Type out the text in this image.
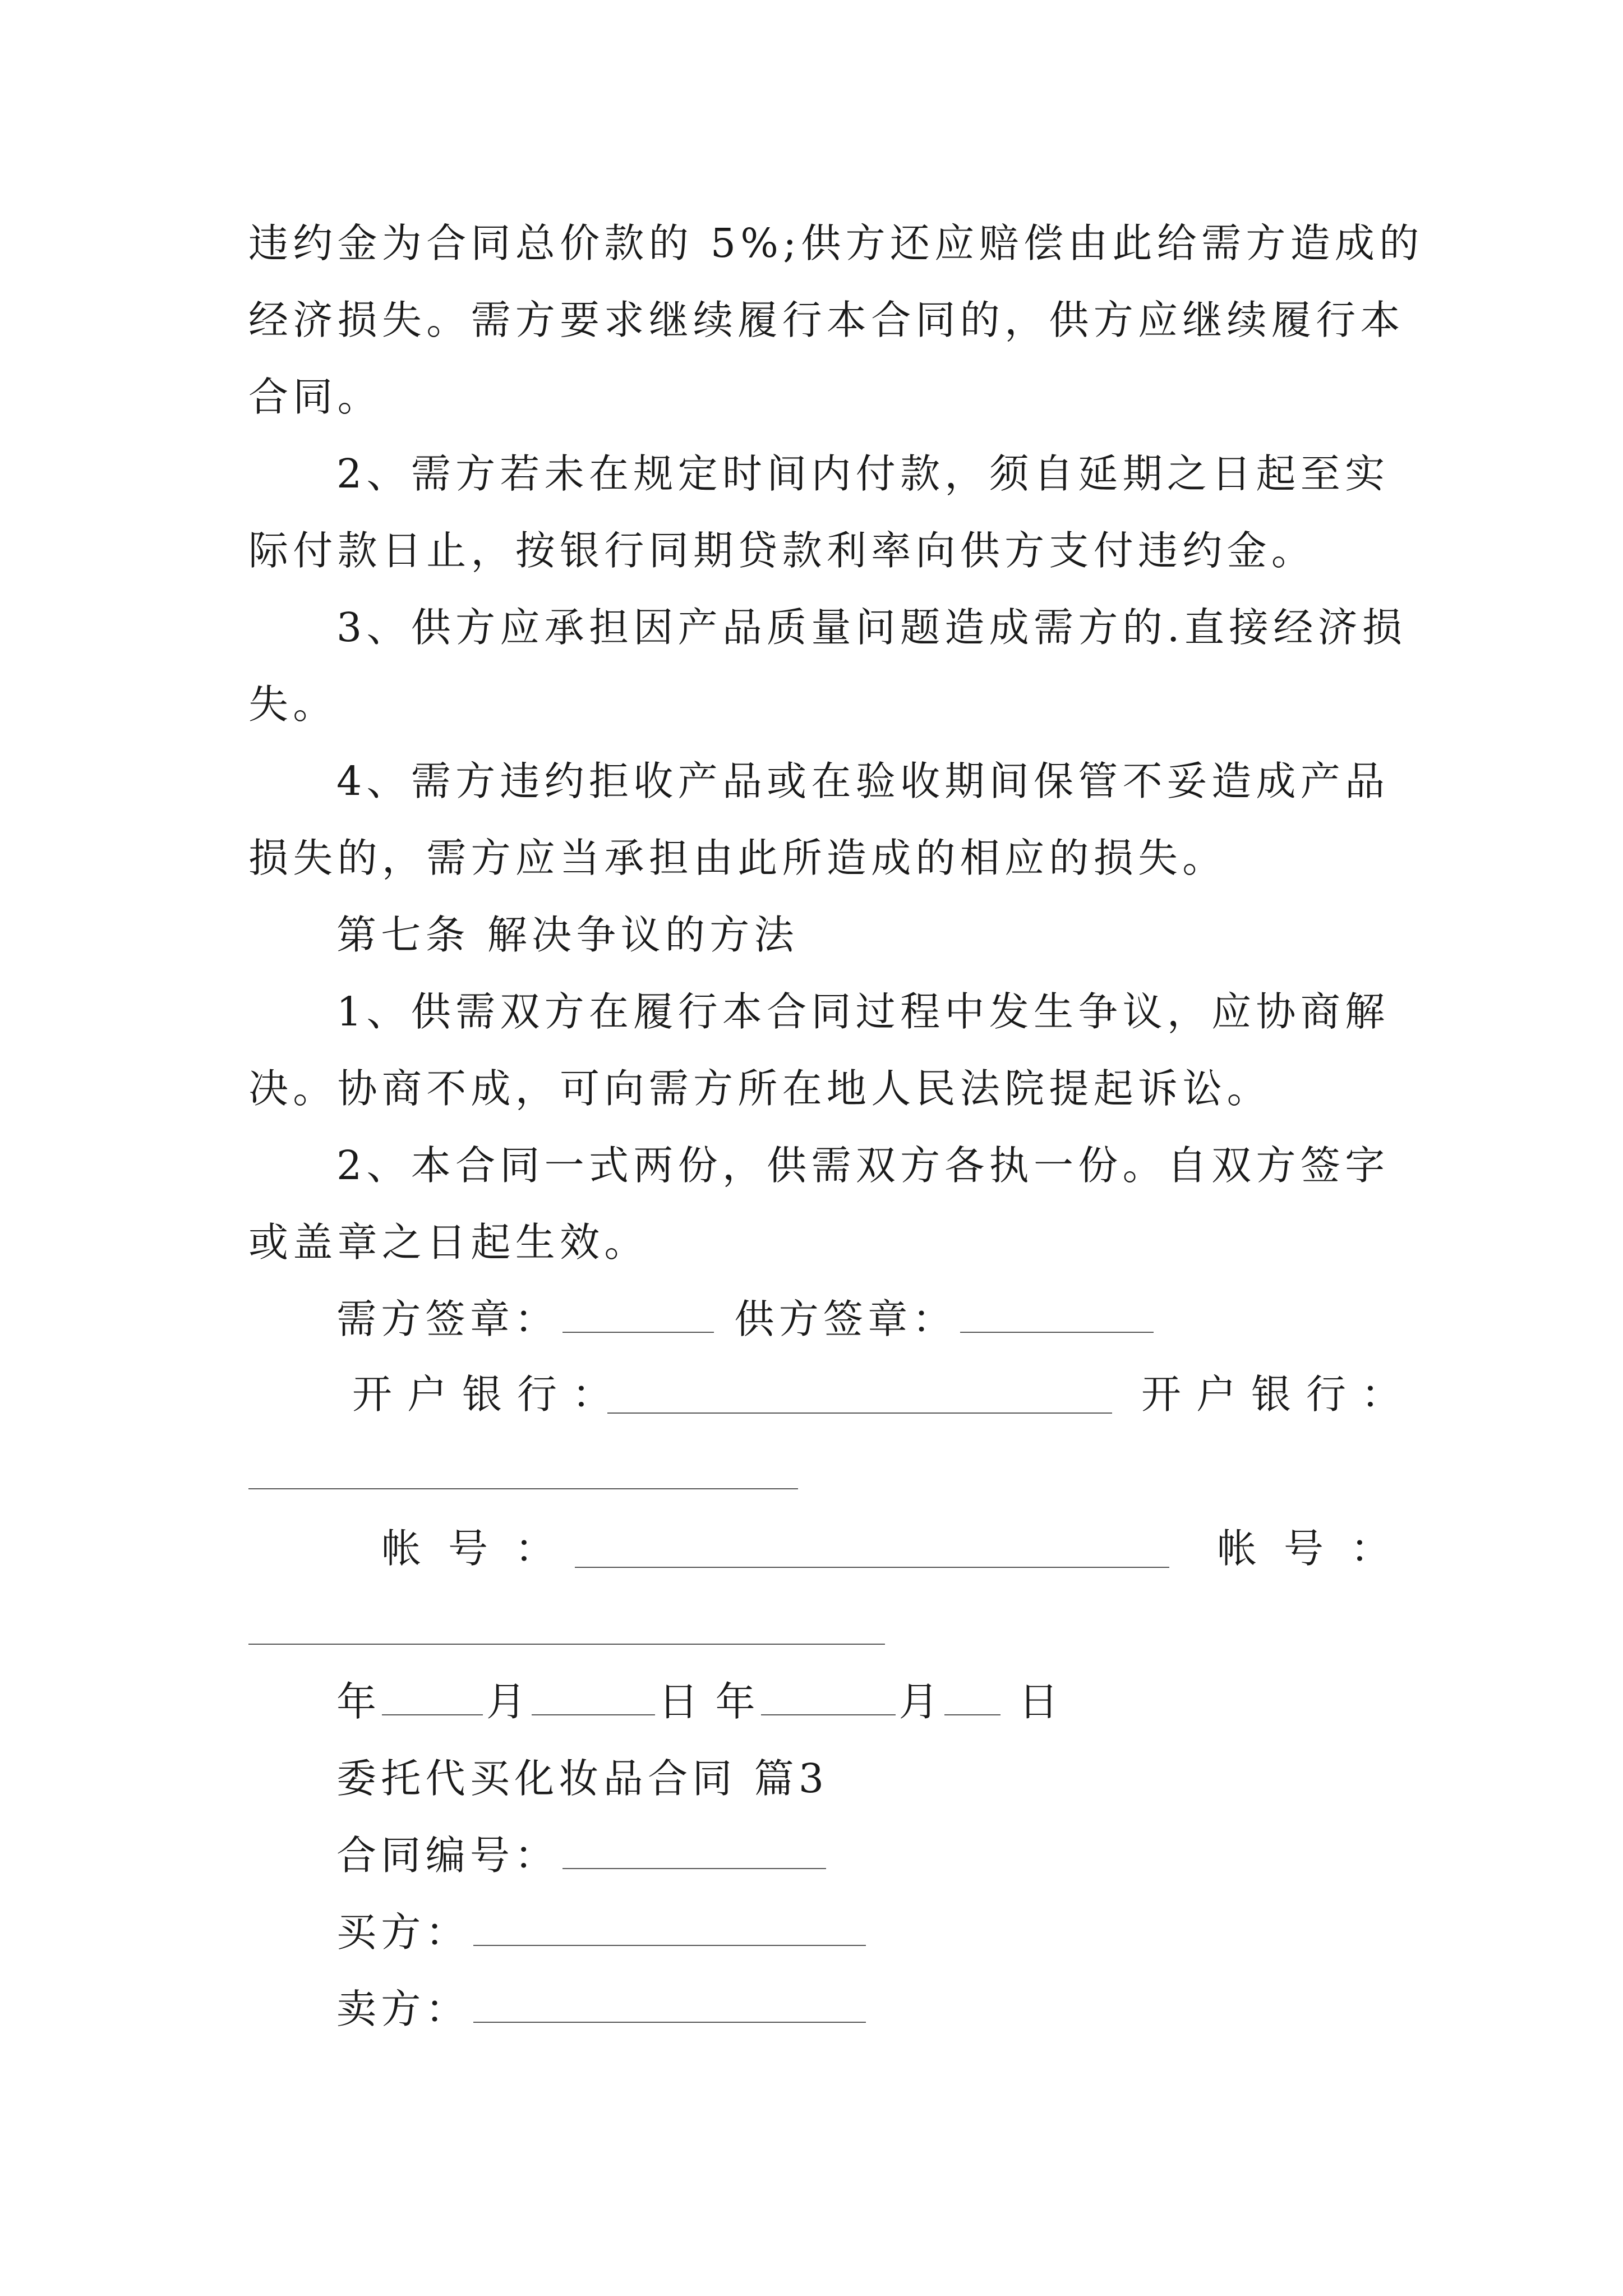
违约金为合同总价款的 5%;供方还应赔偿由此给需方造成的
经济损失。需方要求继续履行本合同的，供方应继续履行本
合同。
2、需方若未在规定时间内付款，须自延期之日起至实
际付款日止，按银行同期贷款利率向供方支付违约金。
3、供方应承担因产品质量问题造成需方的.直接经济损
失。
4、需方违约拒收产品或在验收期间保管不妥造成产品
损失的，需方应当承担由此所造成的相应的损失。
第七条 解决争议的方法
1、供需双方在履行本合同过程中发生争议，应协商解
决。协商不成，可向需方所在地人民法院提起诉讼。
2、本合同一式两份，供需双方各执一份。自双方签字
或盖章之日起生效。
需方签章：	供方签章：
开户银行：	开户银行：
帐号：	帐号：
年	月	日 年	月 日
委托代买化妆品合同 篇3
合同编号：
买方：
卖方：
